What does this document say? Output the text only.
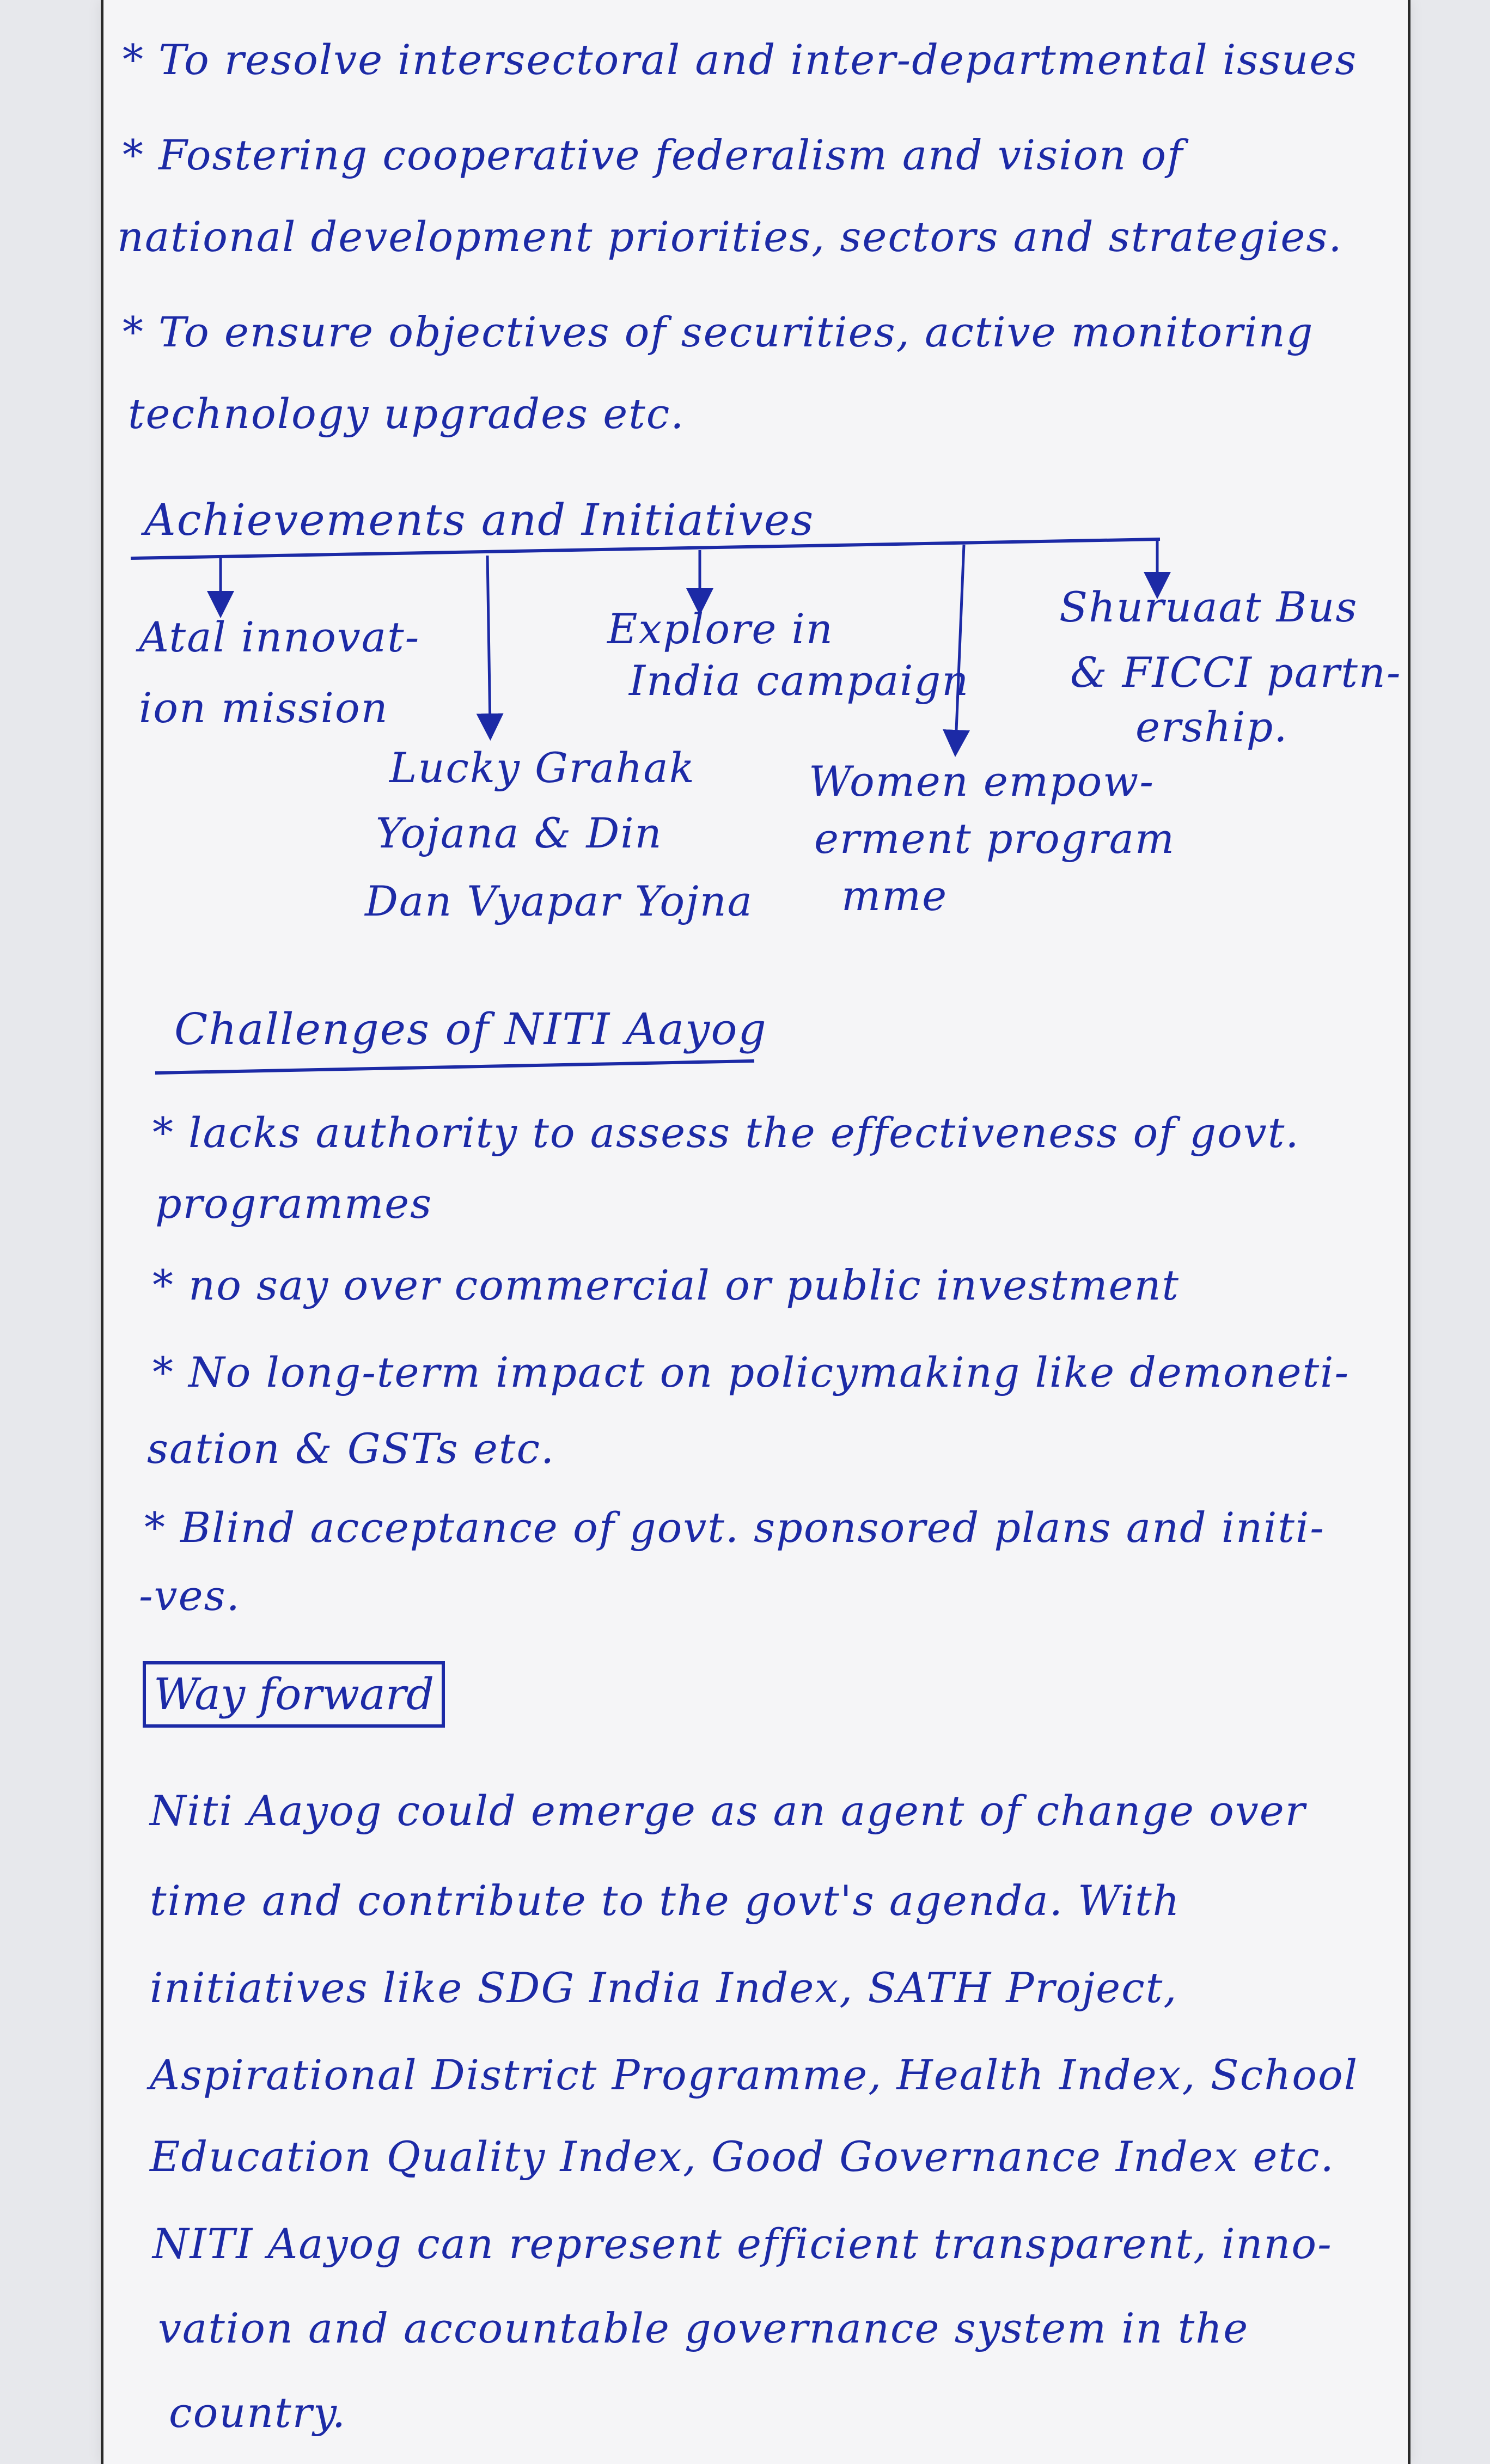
* To resolve intersectoral and inter-departmental issues
* Fostering cooperative federalism and vision of
national development priorities, sectors and strategies.
* To ensure objectives of securities, active monitoring
technology upgrades etc.
Achievements and Initiatives
Atal innovat-
ion mission
Lucky Grahak
Yojana & Din
Dan Vyapar Yojna
Explore in
India campaign
Women empow-
erment program
mme
Shuruaat Bus
& FICCI partn-
ership.
Challenges of NITI Aayog
* lacks authority to assess the effectiveness of govt.
programmes
* no say over commercial or public investment
* No long-term impact on policymaking like demoneti-
sation & GSTs etc.
* Blind acceptance of govt. sponsored plans and initi-
-ves.
Way forward
Niti Aayog could emerge as an agent of change over
time and contribute to the govt's agenda. With
initiatives like SDG India Index, SATH Project,
Aspirational District Programme, Health Index, School
Education Quality Index, Good Governance Index etc.
NITI Aayog can represent efficient transparent, inno-
vation and accountable governance system in the
country.
